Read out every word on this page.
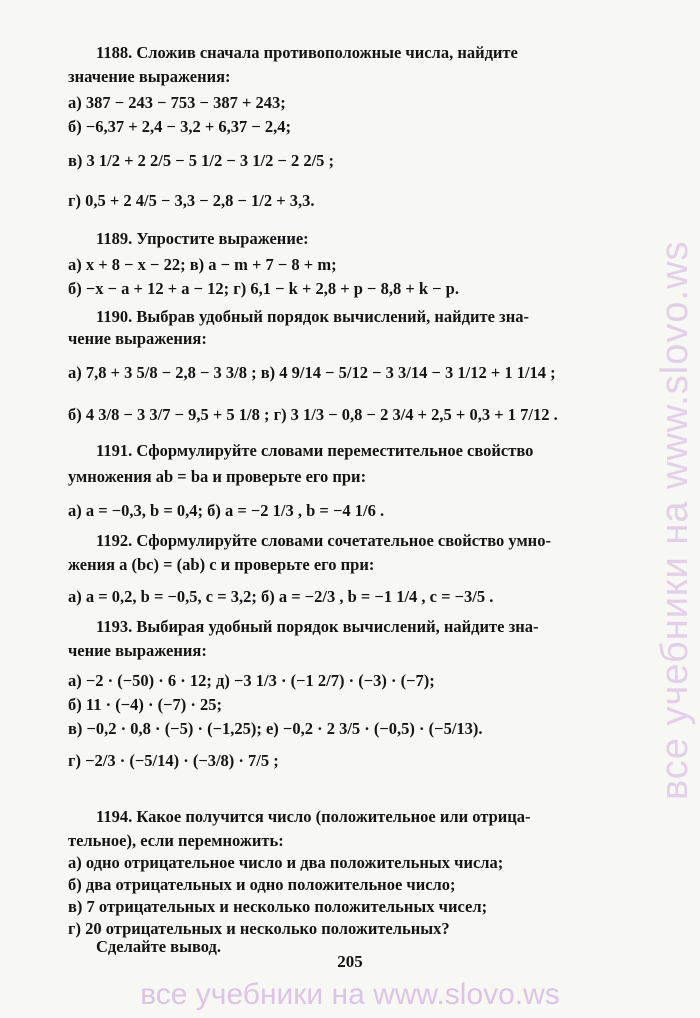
1188. Сложив сначала противоположные числа, найдите
значение выражения:
а) 387 − 243 − 753 − 387 + 243;
б) −6,37 + 2,4 − 3,2 + 6,37 − 2,4;
в) 3 1/2 + 2 2/5 − 5 1/2 − 3 1/2 − 2 2/5 ;
г) 0,5 + 2 4/5 − 3,3 − 2,8 − 1/2 + 3,3.
1189. Упростите выражение:
а) x + 8 − x − 22; в) a − m + 7 − 8 + m;
б) −x − a + 12 + a − 12; г) 6,1 − k + 2,8 + p − 8,8 + k − p.
1190. Выбрав удобный порядок вычислений, найдите зна-
чение выражения:
а) 7,8 + 3 5/8 − 2,8 − 3 3/8 ; в) 4 9/14 − 5/12 − 3 3/14 − 3 1/12 + 1 1/14 ;
б) 4 3/8 − 3 3/7 − 9,5 + 5 1/8 ; г) 3 1/3 − 0,8 − 2 3/4 + 2,5 + 0,3 + 1 7/12 .
1191. Сформулируйте словами переместительное свойство
умножения ab = ba и проверьте его при:
а) a = −0,3, b = 0,4; б) a = −2 1/3 , b = −4 1/6 .
1192. Сформулируйте словами сочетательное свойство умно-
жения a (bc) = (ab) c и проверьте его при:
а) a = 0,2, b = −0,5, c = 3,2; б) a = −2/3 , b = −1 1/4 , c = −3/5 .
1193. Выбирая удобный порядок вычислений, найдите зна-
чение выражения:
а) −2 · (−50) · 6 · 12; д) −3 1/3 · (−1 2/7) · (−3) · (−7);
б) 11 · (−4) · (−7) · 25;
в) −0,2 · 0,8 · (−5) · (−1,25); е) −0,2 · 2 3/5 · (−0,5) · (−5/13).
г) −2/3 · (−5/14) · (−3/8) · 7/5 ;
1194. Какое получится число (положительное или отрица-
тельное), если перемножить:
а) одно отрицательное число и два положительных числа;
б) два отрицательных и одно положительное число;
в) 7 отрицательных и несколько положительных чисел;
г) 20 отрицательных и несколько положительных?
Сделайте вывод.
205
все учебники на www.slovo.ws
все учебники на www.slovo.ws
